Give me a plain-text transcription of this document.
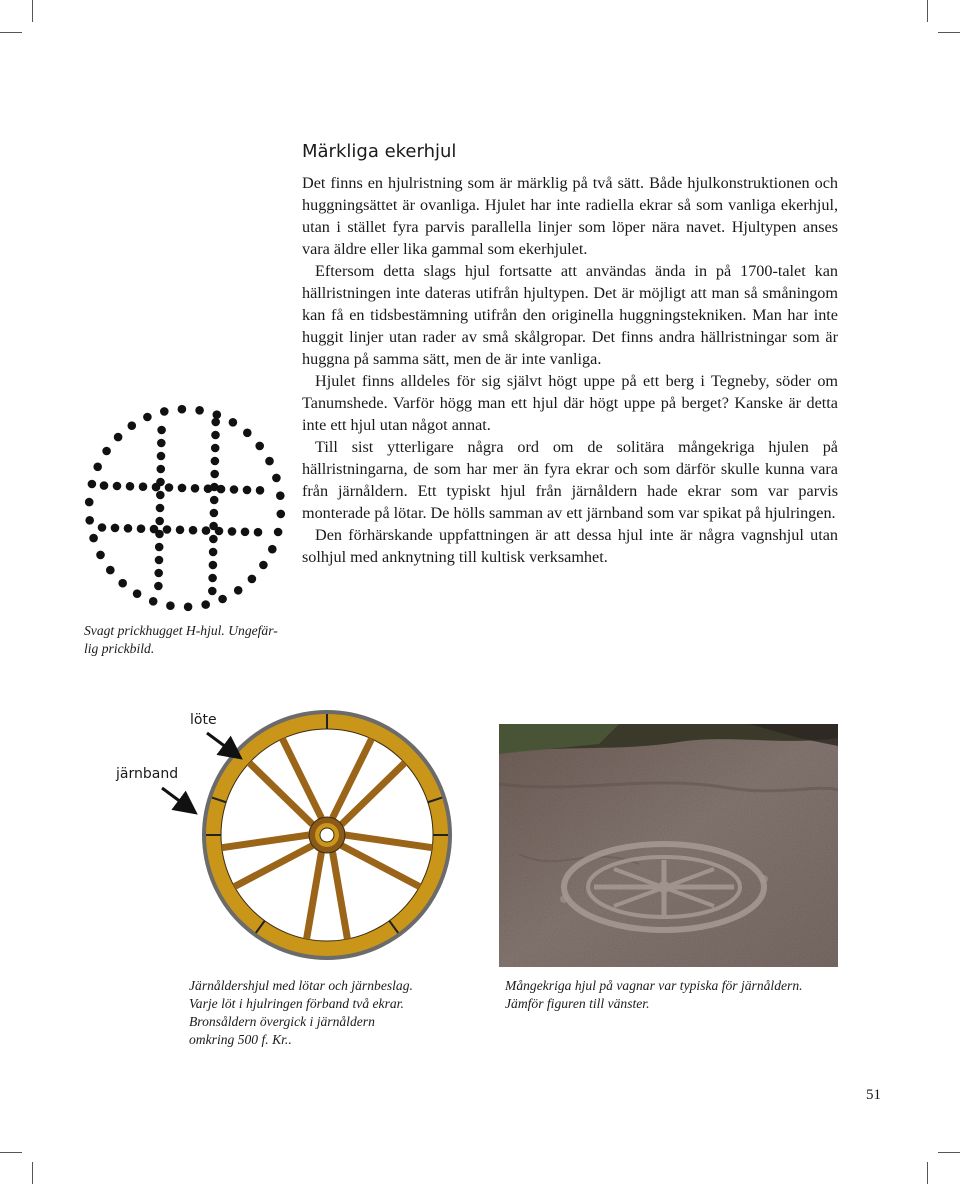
Märkliga ekerhjul

Det finns en hjulristning som är märklig på två sätt. Både hjulkonstruktionen och huggningsättet är ovanliga. Hjulet har inte radiella ekrar så som vanliga ekerhjul, utan i stället fyra parvis parallella linjer som löper nära navet. Hjultypen anses vara äldre eller lika gammal som ekerhjulet.

Eftersom detta slags hjul fortsatte att användas ända in på 1700-talet kan hällristningen inte dateras utifrån hjultypen. Det är möjligt att man så småningom kan få en tidsbestämning utifrån den originella huggningstekniken. Man har inte huggit linjer utan rader av små skålgropar. Det finns andra hällristningar som är huggna på samma sätt, men de är inte vanliga.

Hjulet finns alldeles för sig självt högt uppe på ett berg i Tegneby, söder om Tanumshede. Varför högg man ett hjul där högt uppe på berget? Kanske är detta inte ett hjul utan något annat.

Till sist ytterligare några ord om de solitära mångekriga hjulen på hällristningarna, de som har mer än fyra ekrar och som därför skulle kunna vara från järnåldern. Ett typiskt hjul från järnåldern hade ekrar som var parvis monterade på lötar. De hölls samman av ett järnband som var spikat på hjulringen.

Den förhärskande uppfattningen är att dessa hjul inte är några vagnshjul utan solhjul med anknytning till kultisk verksamhet.

Svagt prickhugget H-hjul. Ungefär-
lig prickbild.
löte
järnband
Järnåldershjul med lötar och järnbeslag.
Varje löt i hjulringen förband två ekrar.
Bronsåldern övergick i järnåldern
omkring 500 f. Kr..
Mångekriga hjul på vagnar var typiska för järnåldern.
Jämför figuren till vänster.
51
